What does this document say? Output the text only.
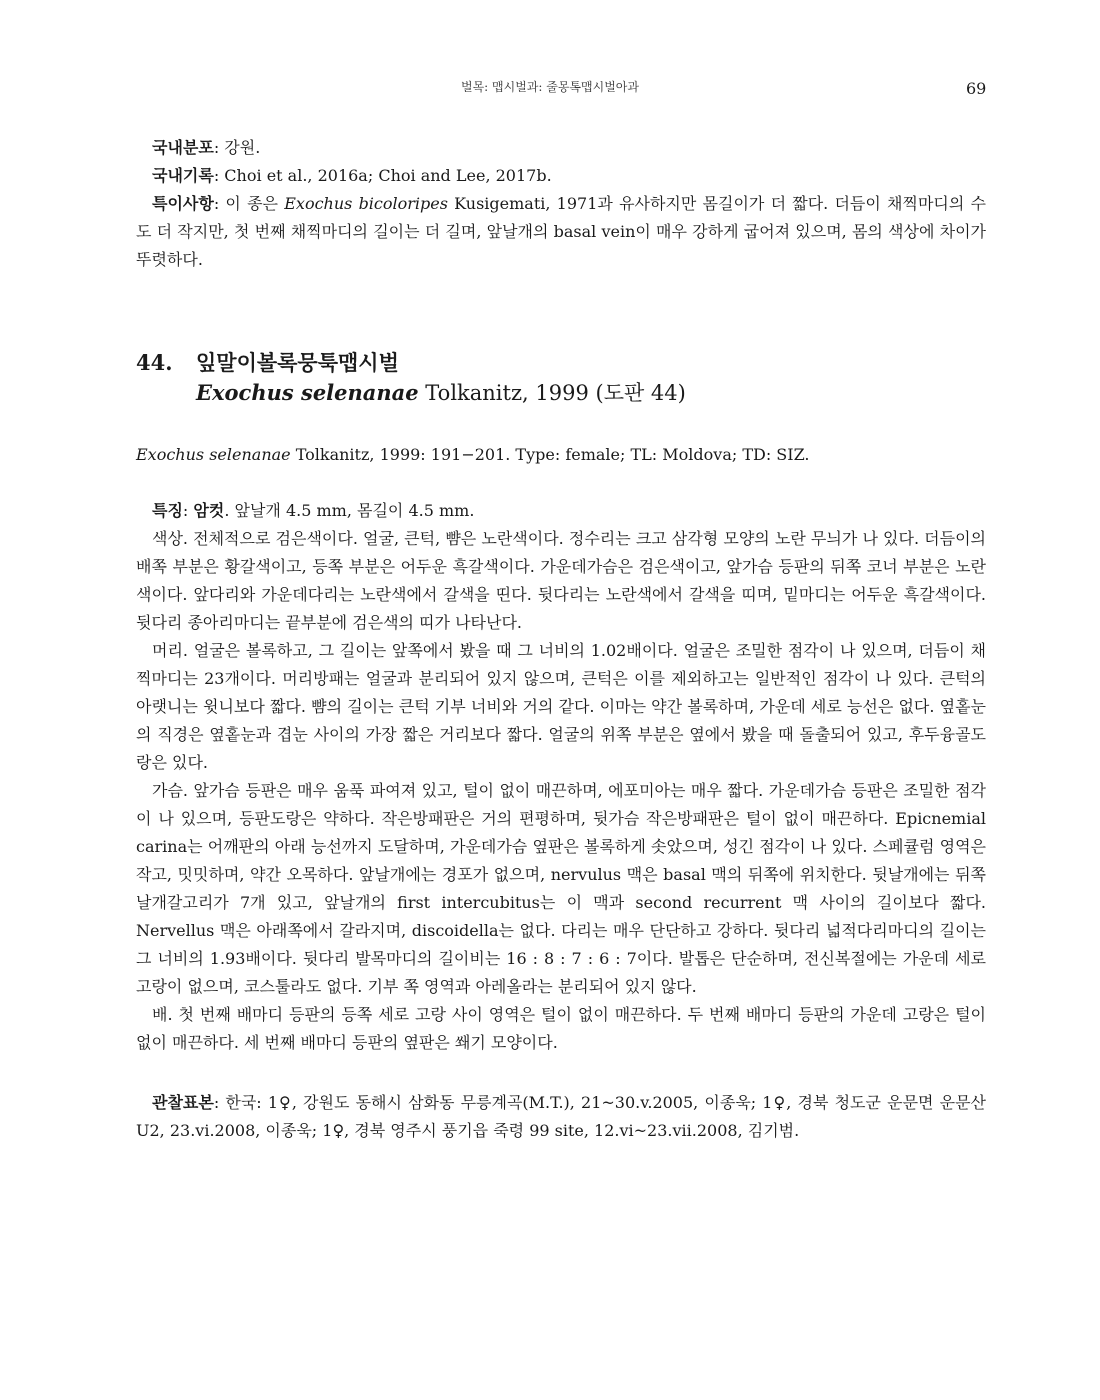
벌목: 맵시벌과: 줄몽톡맵시벌아과	69

국내분포: 강원.

국내기록: Choi et al., 2016a; Choi and Lee, 2017b.

특이사항: 이 종은 Exochus bicoloripes Kusigemati, 1971과 유사하지만 몸길이가 더 짧다. 더듬이 채찍마디의 수도 더 작지만, 첫 번째 채찍마디의 길이는 더 길며, 앞날개의 basal vein이 매우 강하게 굽어져 있으며, 몸의 색상에 차이가 뚜렷하다.

44. 잎말이볼록뭉툭맵시벌
Exochus selenanae Tolkanitz, 1999 (도판 44)

Exochus selenanae Tolkanitz, 1999: 191−201. Type: female; TL: Moldova; TD: SIZ.

특징: 암컷. 앞날개 4.5 mm, 몸길이 4.5 mm.

색상. 전체적으로 검은색이다. 얼굴, 큰턱, 뺨은 노란색이다. 정수리는 크고 삼각형 모양의 노란 무늬가 나 있다. 더듬이의 배쪽 부분은 황갈색이고, 등쪽 부분은 어두운 흑갈색이다. 가운데가슴은 검은색이고, 앞가슴 등판의 뒤쪽 코너 부분은 노란색이다. 앞다리와 가운데다리는 노란색에서 갈색을 띤다. 뒷다리는 노란색에서 갈색을 띠며, 밑마디는 어두운 흑갈색이다. 뒷다리 종아리마디는 끝부분에 검은색의 띠가 나타난다.

머리. 얼굴은 볼록하고, 그 길이는 앞쪽에서 봤을 때 그 너비의 1.02배이다. 얼굴은 조밀한 점각이 나 있으며, 더듬이 채찍마디는 23개이다. 머리방패는 얼굴과 분리되어 있지 않으며, 큰턱은 이를 제외하고는 일반적인 점각이 나 있다. 큰턱의 아랫니는 윗니보다 짧다. 뺨의 길이는 큰턱 기부 너비와 거의 같다. 이마는 약간 볼록하며, 가운데 세로 능선은 없다. 옆홑눈의 직경은 옆홑눈과 겹눈 사이의 가장 짧은 거리보다 짧다. 얼굴의 위쪽 부분은 옆에서 봤을 때 돌출되어 있고, 후두융골도랑은 있다.

가슴. 앞가슴 등판은 매우 움푹 파여져 있고, 털이 없이 매끈하며, 에포미아는 매우 짧다. 가운데가슴 등판은 조밀한 점각이 나 있으며, 등판도랑은 약하다. 작은방패판은 거의 편평하며, 뒷가슴 작은방패판은 털이 없이 매끈하다. Epicnemial carina는 어깨판의 아래 능선까지 도달하며, 가운데가슴 옆판은 볼록하게 솟았으며, 성긴 점각이 나 있다. 스페큘럼 영역은 작고, 밋밋하며, 약간 오목하다. 앞날개에는 경포가 없으며, nervulus 맥은 basal 맥의 뒤쪽에 위치한다. 뒷날개에는 뒤쪽 날개갈고리가 7개 있고, 앞날개의 first intercubitus는 이 맥과 second recurrent 맥 사이의 길이보다 짧다. Nervellus 맥은 아래쪽에서 갈라지며, discoidella는 없다. 다리는 매우 단단하고 강하다. 뒷다리 넓적다리마디의 길이는 그 너비의 1.93배이다. 뒷다리 발목마디의 길이비는 16 : 8 : 7 : 6 : 7이다. 발톱은 단순하며, 전신복절에는 가운데 세로 고랑이 없으며, 코스툴라도 없다. 기부 쪽 영역과 아레올라는 분리되어 있지 않다.

배. 첫 번째 배마디 등판의 등쪽 세로 고랑 사이 영역은 털이 없이 매끈하다. 두 번째 배마디 등판의 가운데 고랑은 털이 없이 매끈하다. 세 번째 배마디 등판의 옆판은 쐐기 모양이다.

관찰표본: 한국: 1♀, 강원도 동해시 삼화동 무릉계곡(M.T.), 21~30.v.2005, 이종욱; 1♀, 경북 청도군 운문면 운문산 U2, 23.vi.2008, 이종욱; 1♀, 경북 영주시 풍기읍 죽령 99 site, 12.vi~23.vii.2008, 김기범.
